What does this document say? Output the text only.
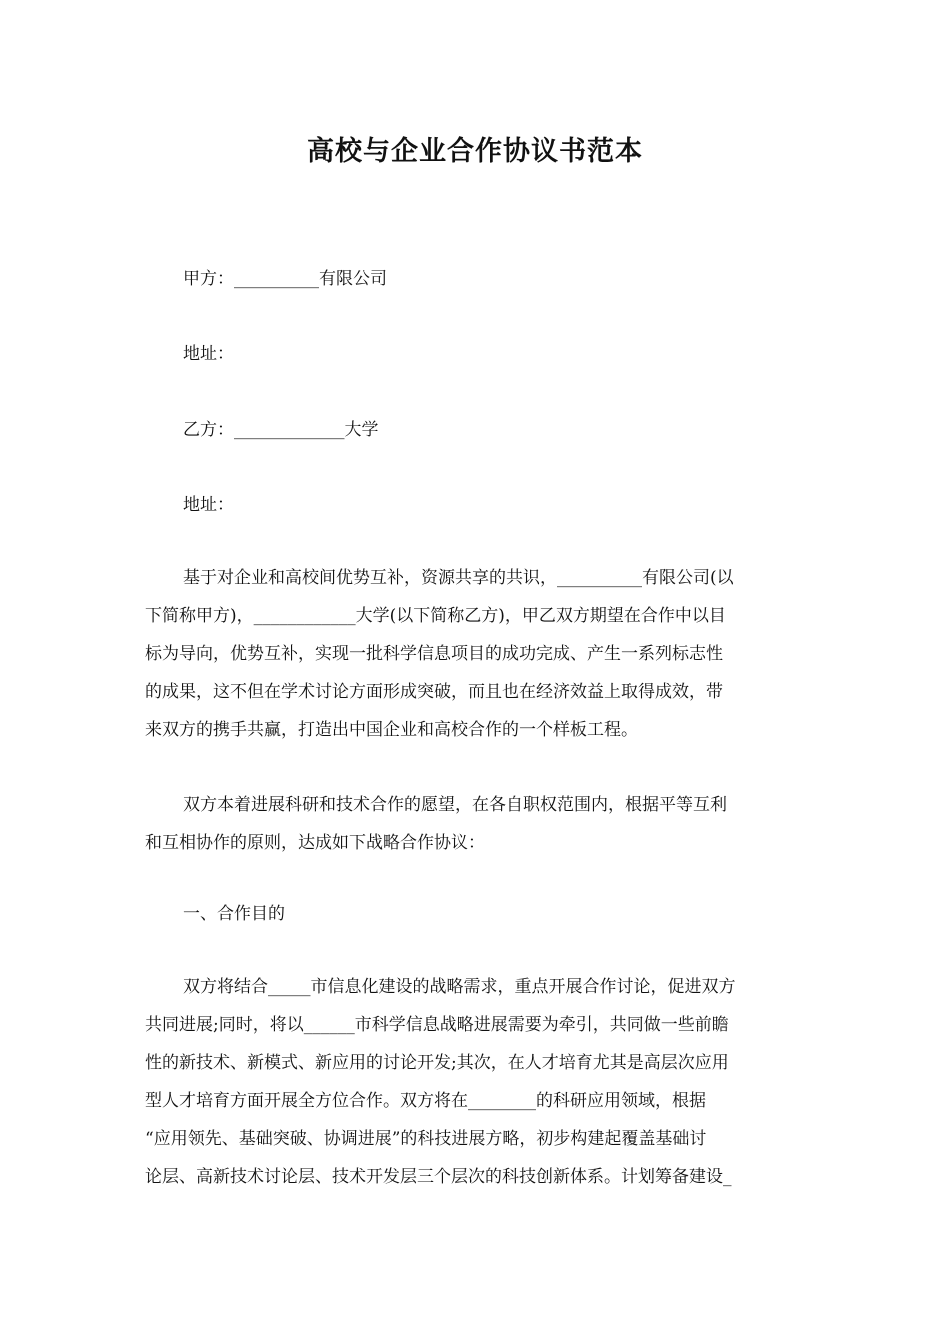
高校与企业合作协议书范本
甲方：__________有限公司
地址：
乙方：_____________大学
地址：
基于对企业和高校间优势互补，资源共享的共识，__________有限公司(以
下简称甲方)，____________大学(以下简称乙方)，甲乙双方期望在合作中以目
标为导向，优势互补，实现一批科学信息项目的成功完成、产生一系列标志性
的成果，这不但在学术讨论方面形成突破，而且也在经济效益上取得成效，带
来双方的携手共赢，打造出中国企业和高校合作的一个样板工程。
双方本着进展科研和技术合作的愿望，在各自职权范围内，根据平等互利
和互相协作的原则，达成如下战略合作协议：
一、合作目的
双方将结合_____市信息化建设的战略需求，重点开展合作讨论，促进双方
共同进展;同时，将以______市科学信息战略进展需要为牵引，共同做一些前瞻
性的新技术、新模式、新应用的讨论开发;其次，在人才培育尤其是高层次应用
型人才培育方面开展全方位合作。双方将在________的科研应用领域，根据
“应用领先、基础突破、协调进展”的科技进展方略，初步构建起覆盖基础讨
论层、高新技术讨论层、技术开发层三个层次的科技创新体系。计划筹备建设_
